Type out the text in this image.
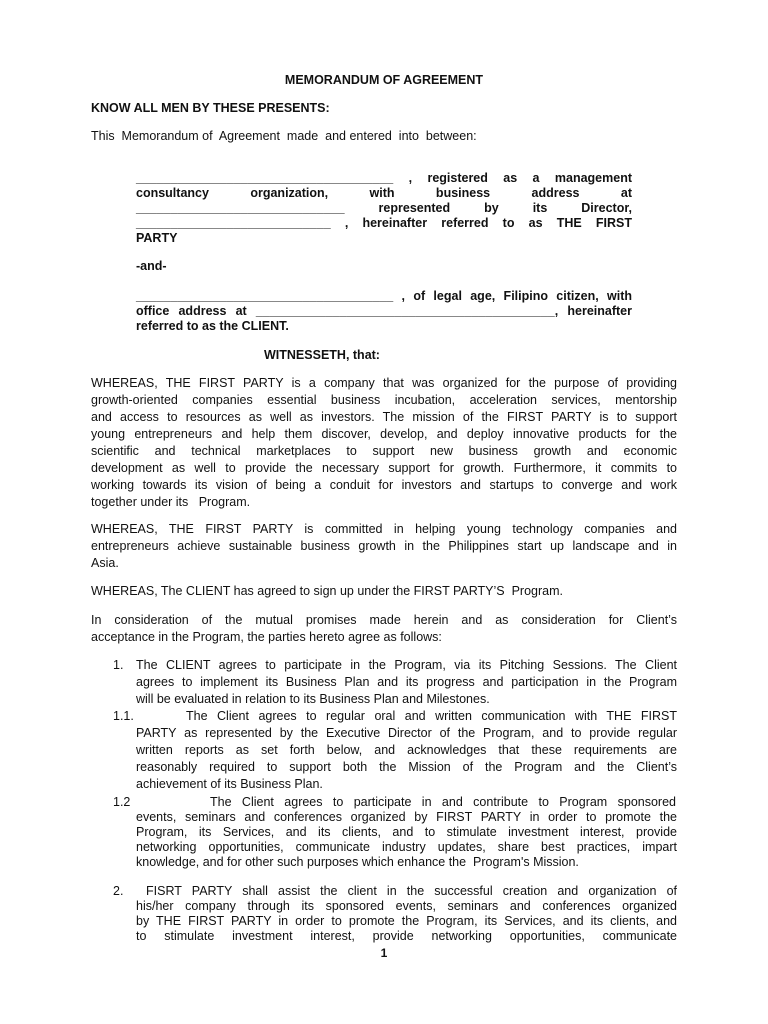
MEMORANDUM OF AGREEMENT
KNOW ALL MEN BY THESE PRESENTS:
This  Memorandum of  Agreement  made  and entered  into  between:
_____________________________________ , registered as a management
consultancy organization, with business address at
______________________________ represented by its Director,
____________________________ , hereinafter referred to as THE FIRST
PARTY
-and-
_____________________________________ , of legal age, Filipino citizen, with
office address at ___________________________________________, hereinafter
referred to as the CLIENT.
WITNESSETH, that:
WHEREAS, THE FIRST PARTY is a company that was organized for the purpose of providing
growth-oriented companies essential business incubation, acceleration services, mentorship
and access to resources as well as investors. The mission of the FIRST PARTY is to support
young entrepreneurs and help them discover, develop, and deploy innovative products for the
scientific and technical marketplaces to support new business growth and economic
development as well to provide the necessary support for growth. Furthermore, it commits to
working towards its vision of being a conduit for investors and startups to converge and work
together under its   Program.
WHEREAS, THE FIRST PARTY is committed in helping young technology companies and
entrepreneurs achieve sustainable business growth in the Philippines start up landscape and in
Asia.
WHEREAS, The CLIENT has agreed to sign up under the FIRST PARTY’S  Program.
In consideration of the mutual promises made herein and as consideration for Client’s
acceptance in the Program, the parties hereto agree as follows:
1. The CLIENT agrees to participate in the Program, via its Pitching Sessions. The Client
agrees to implement its Business Plan and its progress and participation in the Program
will be evaluated in relation to its Business Plan and Milestones.
1.1.	The Client agrees to regular oral and written communication with THE FIRST
PARTY as represented by the Executive Director of the Program, and to provide regular
written reports as set forth below, and acknowledges that these requirements are
reasonably required to support both the Mission of the Program and the Client’s
achievement of its Business Plan.
1.2	The Client agrees to participate in and contribute to Program sponsored
events, seminars and conferences organized by FIRST PARTY in order to promote the
Program, its Services, and its clients, and to stimulate investment interest, provide
networking opportunities, communicate industry updates, share best practices, impart
knowledge, and for other such purposes which enhance the  Program's Mission.
2. FISRT PARTY shall assist the client in the successful creation and organization of
his/her company through its sponsored events, seminars and conferences organized
by THE FIRST PARTY in order to promote the Program, its Services, and its clients, and
to stimulate investment interest, provide networking opportunities, communicate
1
